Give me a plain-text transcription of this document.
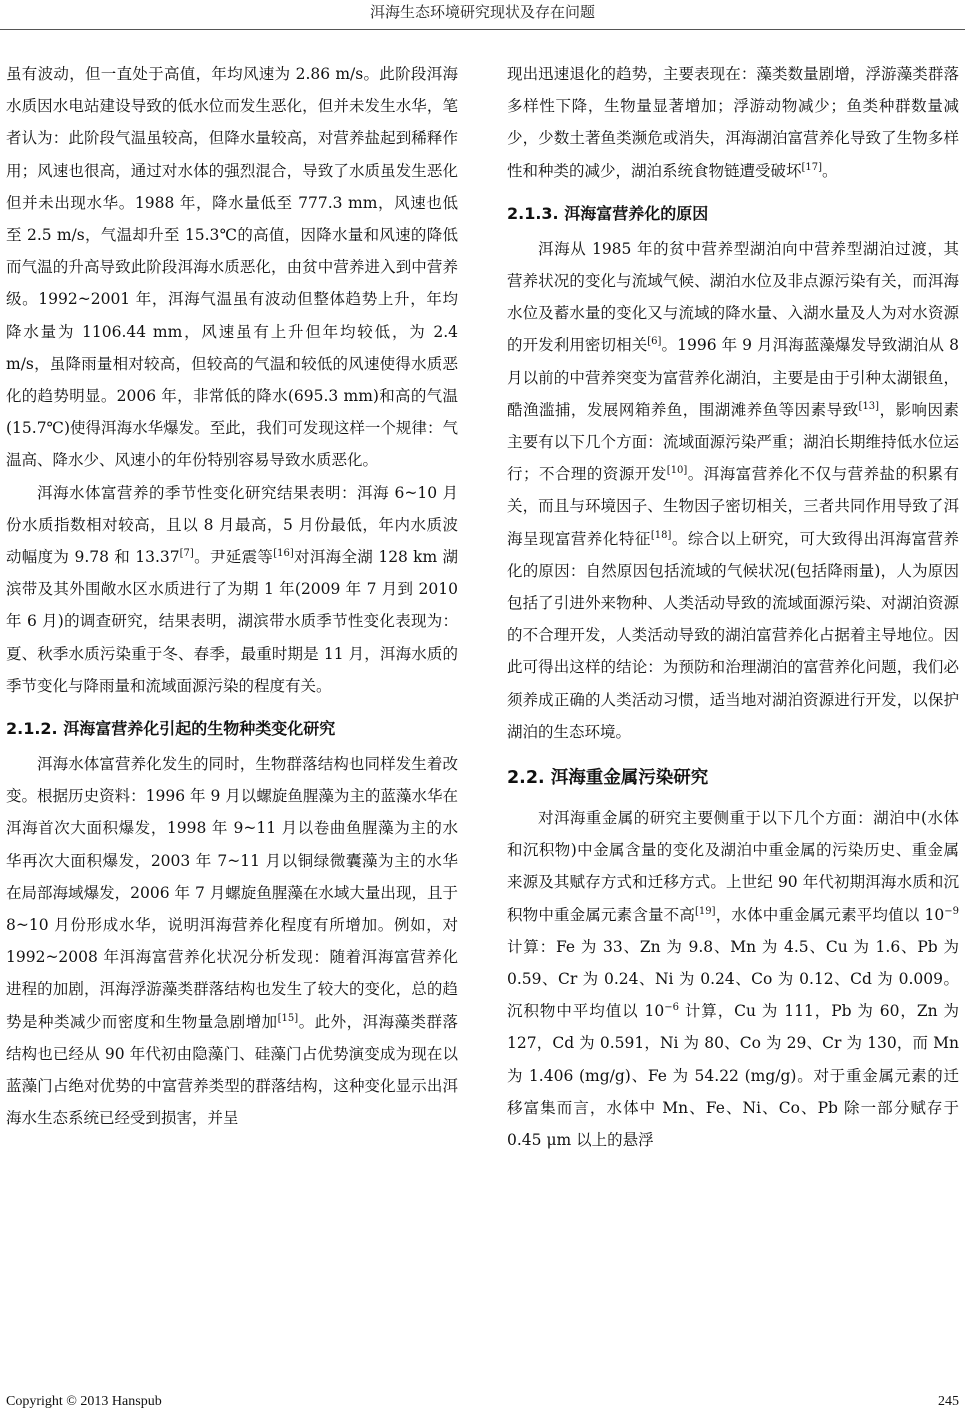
洱海生态环境研究现状及存在问题

虽有波动，但一直处于高值，年均风速为 2.86 m/s。此阶段洱海水质因水电站建设导致的低水位而发生恶化，但并未发生水华，笔者认为：此阶段气温虽较高，但降水量较高，对营养盐起到稀释作用；风速也很高，通过对水体的强烈混合，导致了水质虽发生恶化但并未出现水华。1988 年，降水量低至 777.3 mm，风速也低至 2.5 m/s，气温却升至 15.3℃的高值，因降水量和风速的降低而气温的升高导致此阶段洱海水质恶化，由贫中营养进入到中营养级。1992~2001 年，洱海气温虽有波动但整体趋势上升，年均降水量为 1106.44 mm，风速虽有上升但年均较低，为 2.4 m/s，虽降雨量相对较高，但较高的气温和较低的风速使得水质恶化的趋势明显。2006 年，非常低的降水(695.3 mm)和高的气温(15.7℃)使得洱海水华爆发。至此，我们可发现这样一个规律：气温高、降水少、风速小的年份特别容易导致水质恶化。

洱海水体富营养的季节性变化研究结果表明：洱海 6~10 月份水质指数相对较高，且以 8 月最高，5 月份最低，年内水质波动幅度为 9.78 和 13.37[7]。尹延震等[16]对洱海全湖 128 km 湖滨带及其外围敞水区水质进行了为期 1 年(2009 年 7 月到 2010 年 6 月)的调查研究，结果表明，湖滨带水质季节性变化表现为：夏、秋季水质污染重于冬、春季，最重时期是 11 月，洱海水质的季节变化与降雨量和流域面源污染的程度有关。

2.1.2. 洱海富营养化引起的生物种类变化研究

洱海水体富营养化发生的同时，生物群落结构也同样发生着改变。根据历史资料：1996 年 9 月以螺旋鱼腥藻为主的蓝藻水华在洱海首次大面积爆发，1998 年 9~11 月以卷曲鱼腥藻为主的水华再次大面积爆发，2003 年 7~11 月以铜绿微囊藻为主的水华在局部海域爆发，2006 年 7 月螺旋鱼腥藻在水域大量出现，且于 8~10 月份形成水华，说明洱海营养化程度有所增加。例如，对 1992~2008 年洱海富营养化状况分析发现：随着洱海富营养化进程的加剧，洱海浮游藻类群落结构也发生了较大的变化，总的趋势是种类减少而密度和生物量急剧增加[15]。此外，洱海藻类群落结构也已经从 90 年代初由隐藻门、硅藻门占优势演变成为现在以蓝藻门占绝对优势的中富营养类型的群落结构，这种变化显示出洱海水生态系统已经受到损害，并呈

现出迅速退化的趋势，主要表现在：藻类数量剧增，浮游藻类群落多样性下降，生物量显著增加；浮游动物减少；鱼类种群数量减少，少数土著鱼类濒危或消失，洱海湖泊富营养化导致了生物多样性和种类的减少，湖泊系统食物链遭受破坏[17]。

2.1.3. 洱海富营养化的原因

洱海从 1985 年的贫中营养型湖泊向中营养型湖泊过渡，其营养状况的变化与流域气候、湖泊水位及非点源污染有关，而洱海水位及蓄水量的变化又与流域的降水量、入湖水量及人为对水资源的开发利用密切相关[6]。1996 年 9 月洱海蓝藻爆发导致湖泊从 8 月以前的中营养突变为富营养化湖泊，主要是由于引种太湖银鱼，酷渔滥捕，发展网箱养鱼，围湖滩养鱼等因素导致[13]，影响因素主要有以下几个方面：流域面源污染严重；湖泊长期维持低水位运行；不合理的资源开发[10]。洱海富营养化不仅与营养盐的积累有关，而且与环境因子、生物因子密切相关，三者共同作用导致了洱海呈现富营养化特征[18]。综合以上研究，可大致得出洱海富营养化的原因：自然原因包括流域的气候状况(包括降雨量)，人为原因包括了引进外来物种、人类活动导致的流域面源污染、对湖泊资源的不合理开发，人类活动导致的湖泊富营养化占据着主导地位。因此可得出这样的结论：为预防和治理湖泊的富营养化问题，我们必须养成正确的人类活动习惯，适当地对湖泊资源进行开发，以保护湖泊的生态环境。

2.2. 洱海重金属污染研究

对洱海重金属的研究主要侧重于以下几个方面：湖泊中(水体和沉积物)中金属含量的变化及湖泊中重金属的污染历史、重金属来源及其赋存方式和迁移方式。上世纪 90 年代初期洱海水质和沉积物中重金属元素含量不高[19]，水体中重金属元素平均值以 $10^{-9}$ 计算：Fe 为 33、Zn 为 9.8、Mn 为 4.5、Cu 为 1.6、Pb 为 0.59、Cr 为 0.24、Ni 为 0.24、Co 为 0.12、Cd 为 0.009。沉积物中平均值以 $10^{-6}$ 计算，Cu 为 111，Pb 为 60，Zn 为 127，Cd 为 0.591，Ni 为 80、Co 为 29、Cr 为 130，而 Mn 为 1.406 (mg/g)、Fe 为 54.22 (mg/g)。对于重金属元素的迁移富集而言，水体中 Mn、Fe、Ni、Co、Pb 除一部分赋存于 0.45 μm 以上的悬浮

Copyright © 2013 Hanspub	245
